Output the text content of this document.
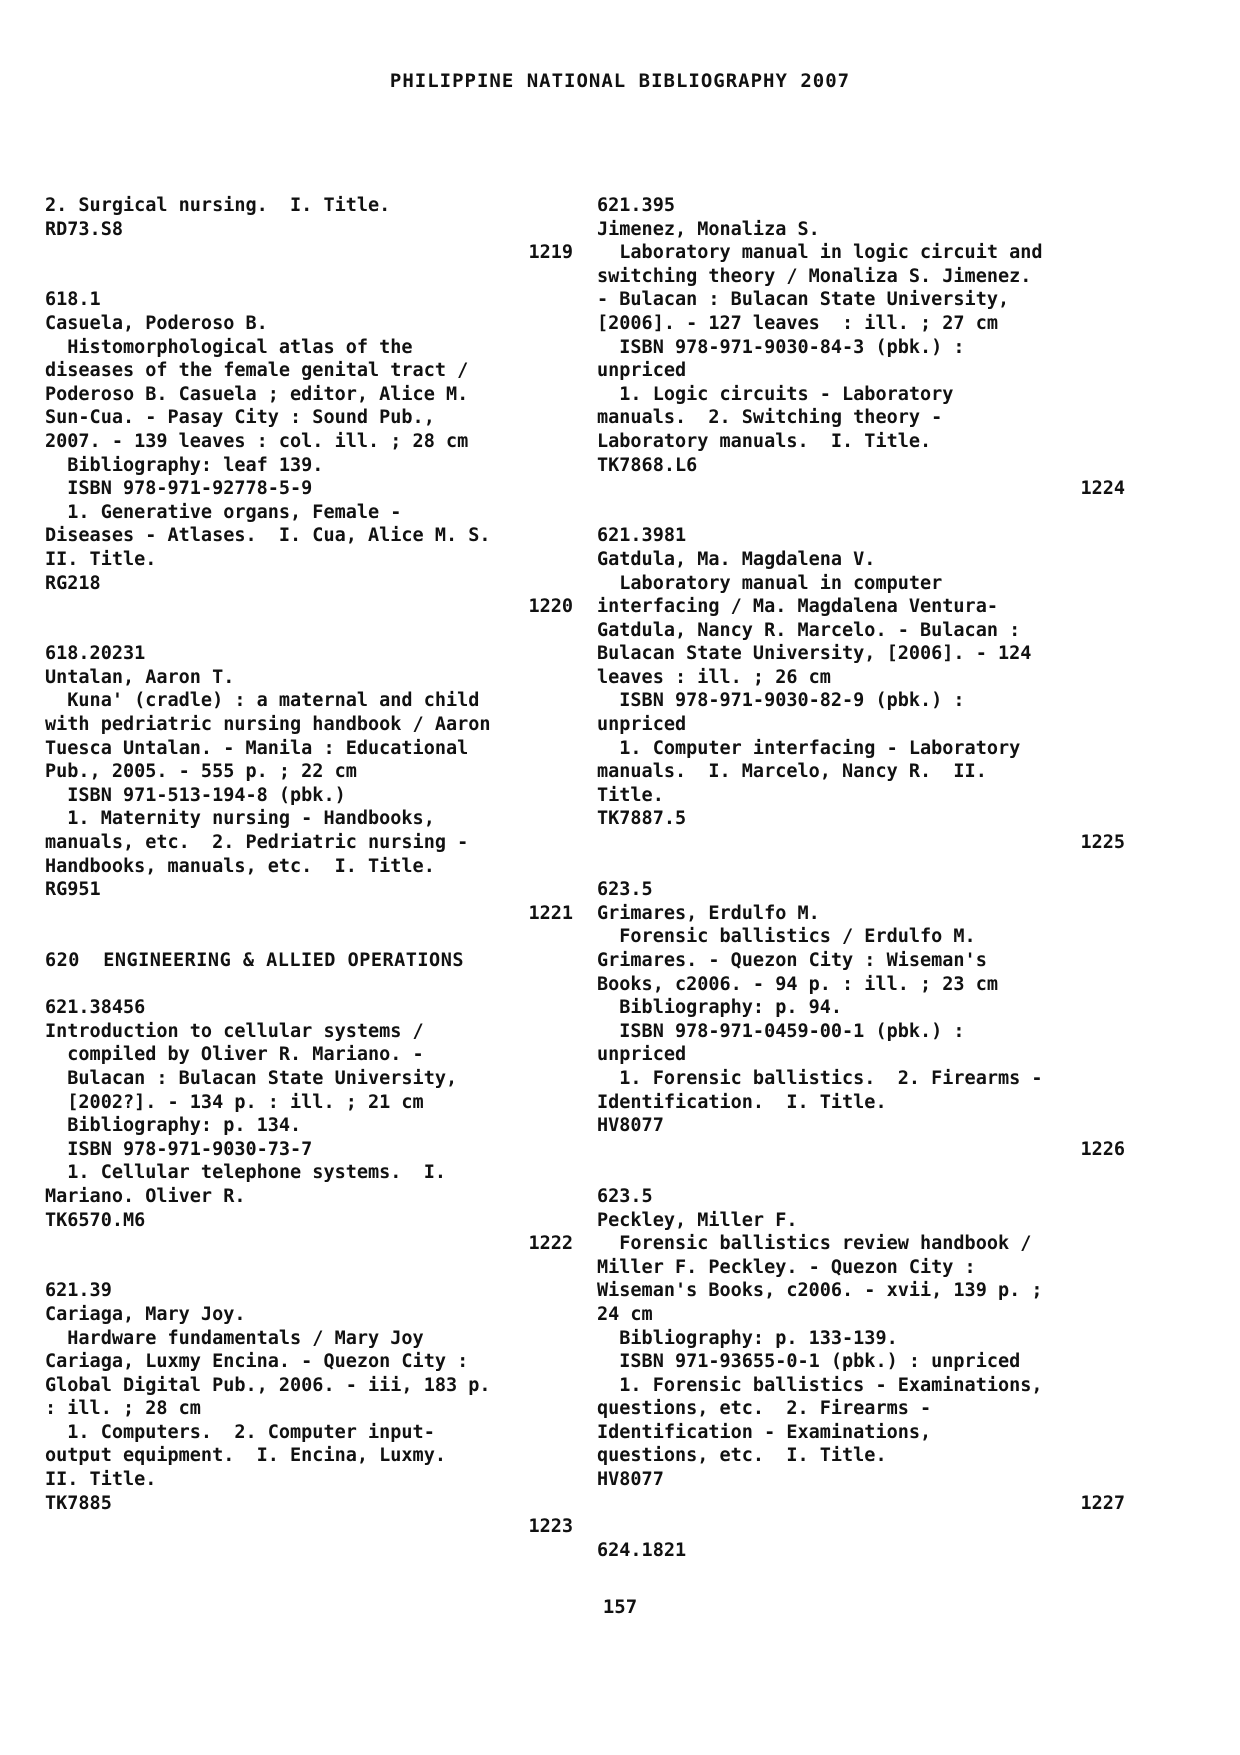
PHILIPPINE NATIONAL BIBLIOGRAPHY 2007
2. Surgical nursing.  I. Title.
RD73.S8
1219
618.1
Casuela, Poderoso B.
Histomorphological atlas of the
diseases of the female genital tract /
Poderoso B. Casuela ; editor, Alice M.
Sun-Cua. - Pasay City : Sound Pub.,
2007. - 139 leaves : col. ill. ; 28 cm
Bibliography: leaf 139.
ISBN 978-971-92778-5-9
1. Generative organs, Female -
Diseases - Atlases.  I. Cua, Alice M. S.
II. Title.
RG218
1220
618.20231
Untalan, Aaron T.
Kuna' (cradle) : a maternal and child
with pedriatric nursing handbook / Aaron
Tuesca Untalan. - Manila : Educational
Pub., 2005. - 555 p. ; 22 cm
ISBN 971-513-194-8 (pbk.)
1. Maternity nursing - Handbooks,
manuals, etc.  2. Pedriatric nursing -
Handbooks, manuals, etc.  I. Title.
RG951
1221
620  ENGINEERING & ALLIED OPERATIONS
621.38456
Introduction to cellular systems /
compiled by Oliver R. Mariano. -
Bulacan : Bulacan State University,
[2002?]. - 134 p. : ill. ; 21 cm
Bibliography: p. 134.
ISBN 978-971-9030-73-7
1. Cellular telephone systems.  I.
Mariano. Oliver R.
TK6570.M6
1222
621.39
Cariaga, Mary Joy.
Hardware fundamentals / Mary Joy
Cariaga, Luxmy Encina. - Quezon City :
Global Digital Pub., 2006. - iii, 183 p.
: ill. ; 28 cm
1. Computers.  2. Computer input-
output equipment.  I. Encina, Luxmy.
II. Title.
TK7885
1223
621.395
Jimenez, Monaliza S.
Laboratory manual in logic circuit and
switching theory / Monaliza S. Jimenez.
- Bulacan : Bulacan State University,
[2006]. - 127 leaves  : ill. ; 27 cm
ISBN 978-971-9030-84-3 (pbk.) :
unpriced
1. Logic circuits - Laboratory
manuals.  2. Switching theory -
Laboratory manuals.  I. Title.
TK7868.L6
1224
621.3981
Gatdula, Ma. Magdalena V.
Laboratory manual in computer
interfacing / Ma. Magdalena Ventura-
Gatdula, Nancy R. Marcelo. - Bulacan :
Bulacan State University, [2006]. - 124
leaves : ill. ; 26 cm
ISBN 978-971-9030-82-9 (pbk.) :
unpriced
1. Computer interfacing - Laboratory
manuals.  I. Marcelo, Nancy R.  II.
Title.
TK7887.5
1225
623.5
Grimares, Erdulfo M.
Forensic ballistics / Erdulfo M.
Grimares. - Quezon City : Wiseman's
Books, c2006. - 94 p. : ill. ; 23 cm
Bibliography: p. 94.
ISBN 978-971-0459-00-1 (pbk.) :
unpriced
1. Forensic ballistics.  2. Firearms -
Identification.  I. Title.
HV8077
1226
623.5
Peckley, Miller F.
Forensic ballistics review handbook /
Miller F. Peckley. - Quezon City :
Wiseman's Books, c2006. - xvii, 139 p. ;
24 cm
Bibliography: p. 133-139.
ISBN 971-93655-0-1 (pbk.) : unpriced
1. Forensic ballistics - Examinations,
questions, etc.  2. Firearms -
Identification - Examinations,
questions, etc.  I. Title.
HV8077
1227
624.1821
157
